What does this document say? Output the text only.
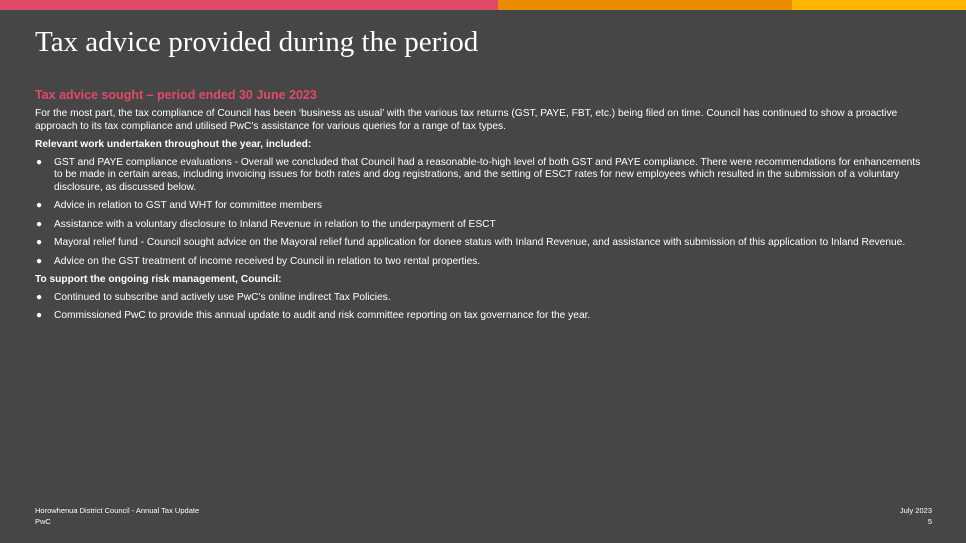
Tax advice provided during the period

Tax advice sought – period ended 30 June 2023

For the most part, the tax compliance of Council has been ‘business as usual’ with the various tax returns (GST, PAYE, FBT, etc.) being filed on time. Council has continued to show a proactive approach to its tax compliance and utilised PwC’s assistance for various queries for a range of tax types.

Relevant work undertaken throughout the year, included:

● GST and PAYE compliance evaluations - Overall we concluded that Council had a reasonable-to-high level of both GST and PAYE compliance. There were recommendations for enhancements to be made in certain areas, including invoicing issues for both rates and dog registrations, and the setting of ESCT rates for new employees which resulted in the submission of a voluntary disclosure, as discussed below.
● Advice in relation to GST and WHT for committee members
● Assistance with a voluntary disclosure to Inland Revenue in relation to the underpayment of ESCT
● Mayoral relief fund - Council sought advice on the Mayoral relief fund application for donee status with Inland Revenue, and assistance with submission of this application to Inland Revenue.
● Advice on the GST treatment of income received by Council in relation to two rental properties.

To support the ongoing risk management, Council:

● Continued to subscribe and actively use PwC’s online indirect Tax Policies.
● Commissioned PwC to provide this annual update to audit and risk committee reporting on tax governance for the year.
Horowhenua District Council - Annual Tax Update
PwC
July 2023
5
